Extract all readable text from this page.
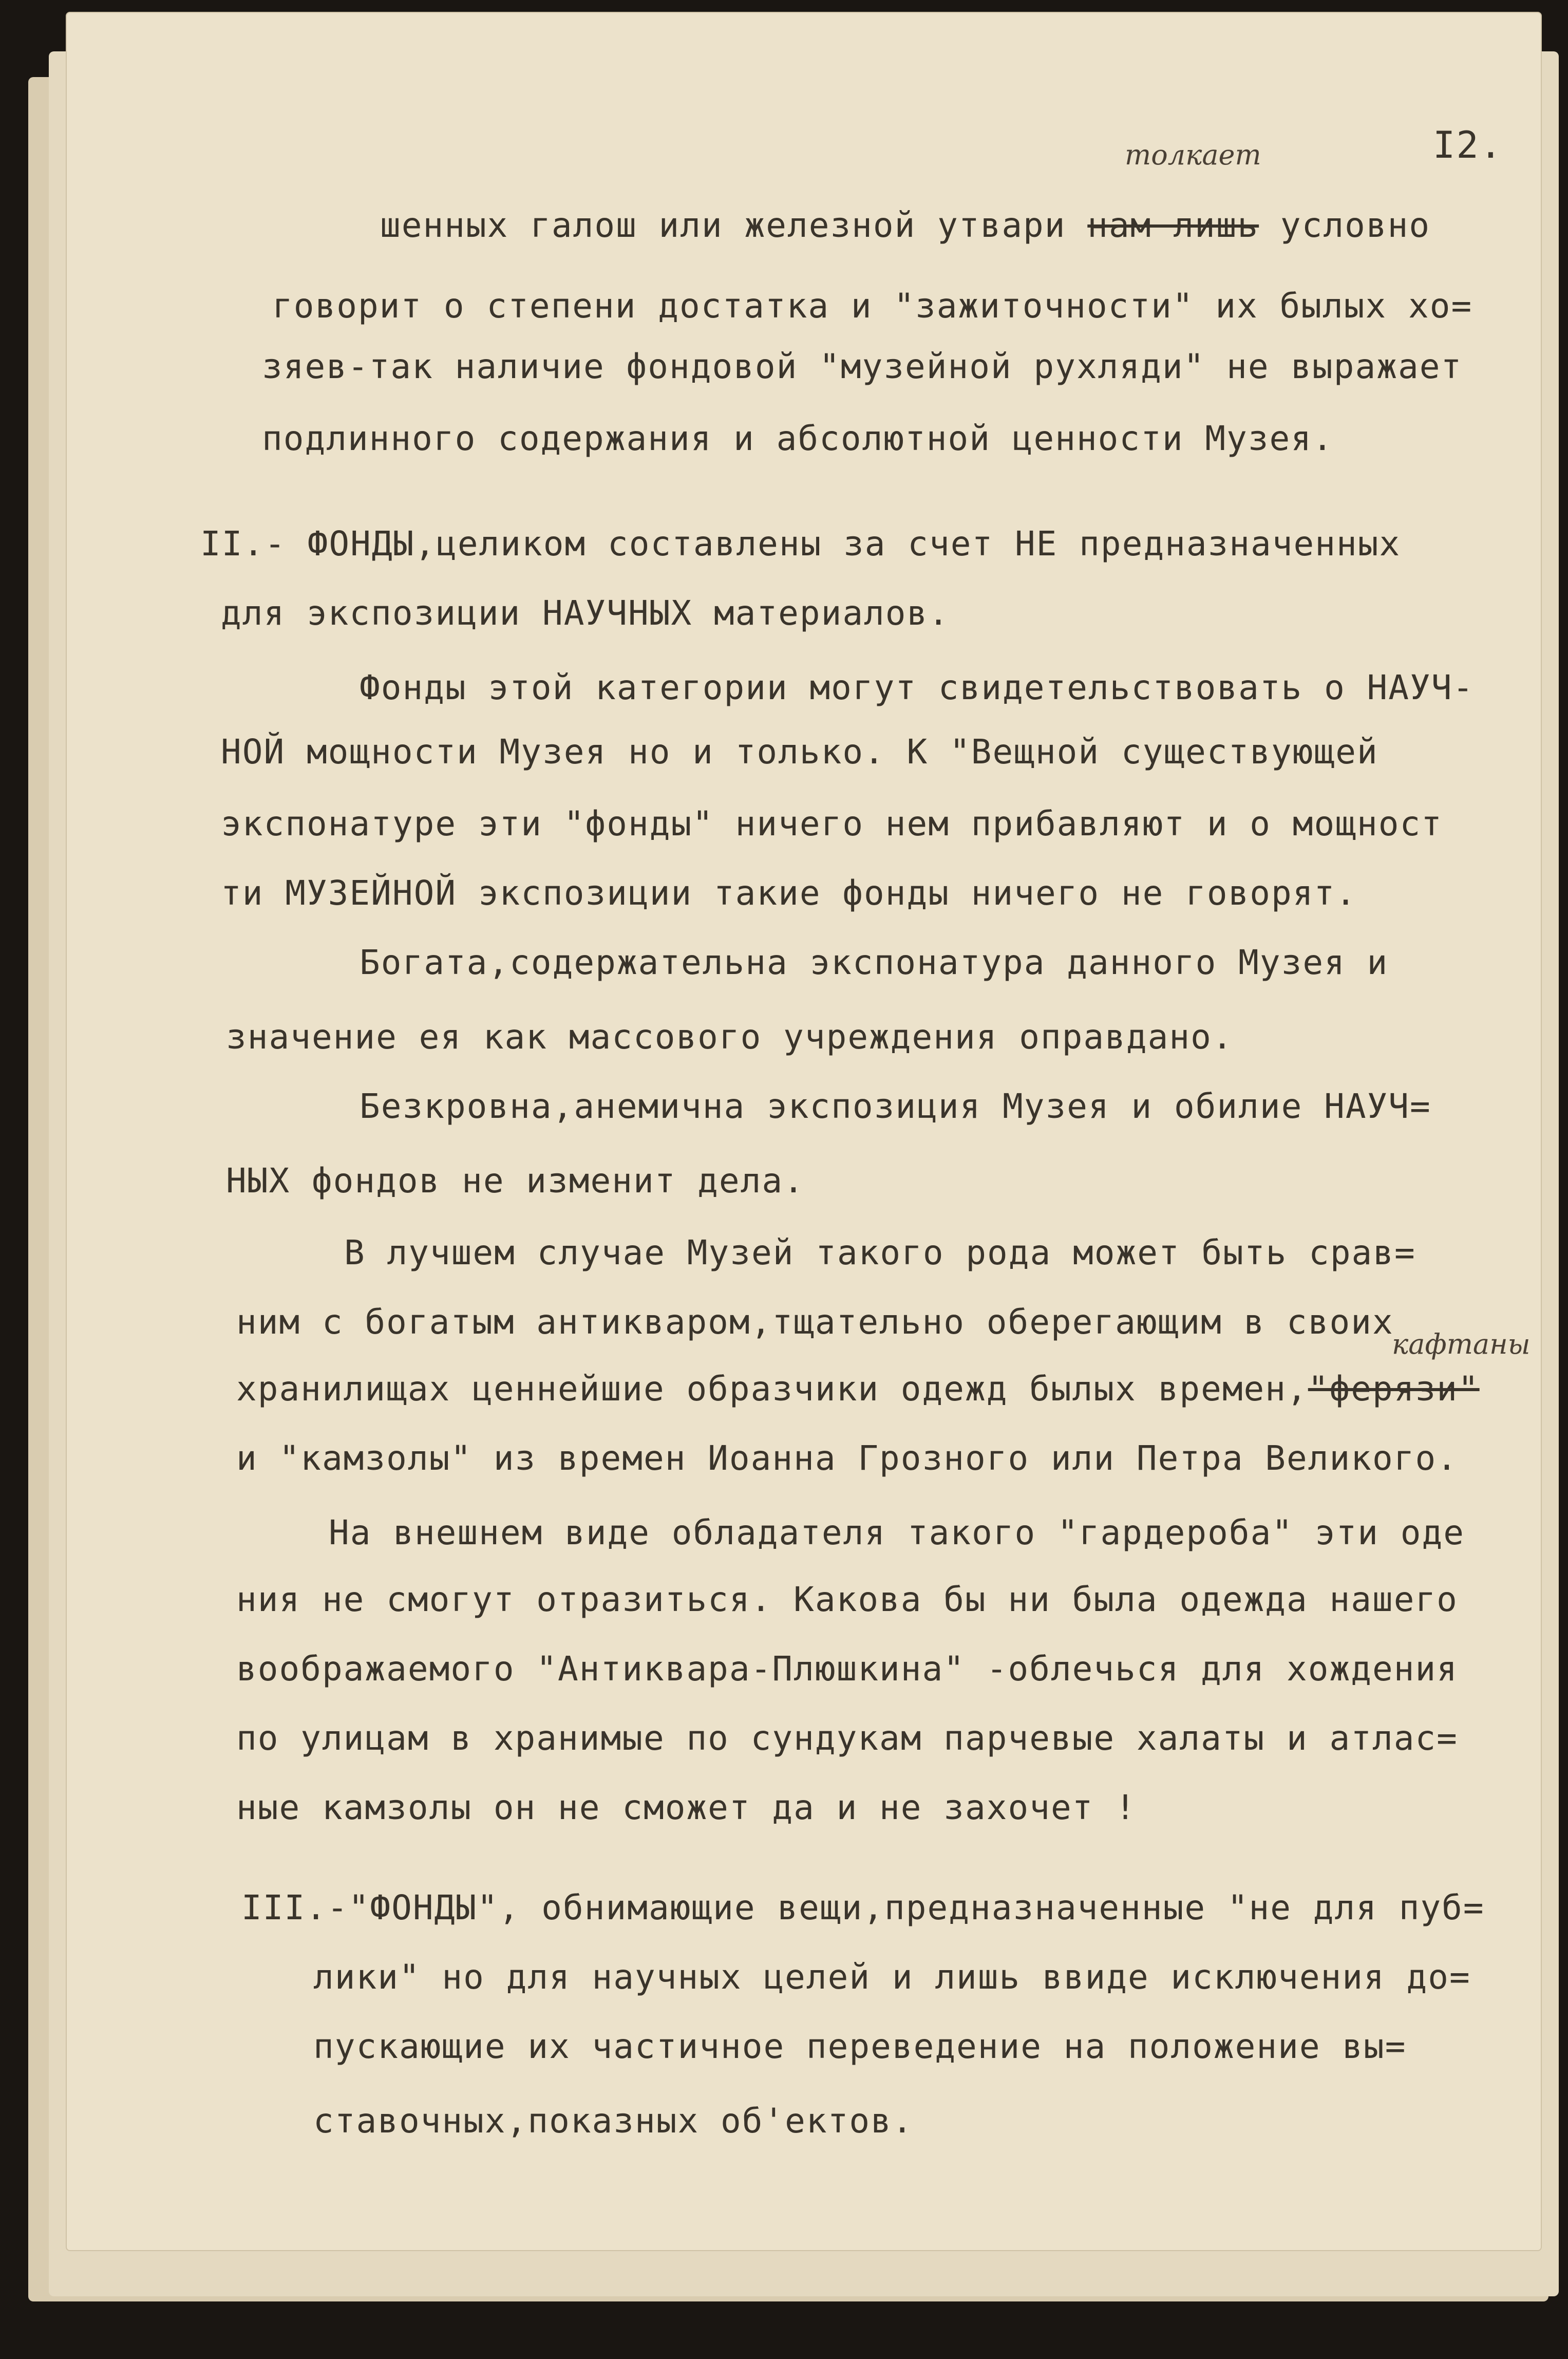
I2.
толкает

шенных галош или железной утвари нам лишь условно

говорит о степени достатка и "зажиточности" их былых хо=

зяев-так наличие фондовой "музейной рухляди" не выражает

подлинного содержания и абсолютной ценности Музея.

II.- ФОНДЫ,целиком составлены за счет НЕ предназначенных

для экспозиции НАУЧНЫХ материалов.

Фонды этой категории могут свидетельствовать о НАУЧ-

НОЙ мощности Музея но и только. К "Вещной существующей

экспонатуре эти "фонды" ничего нем прибавляют и о мощност

ти МУЗЕЙНОЙ экспозиции такие фонды ничего не говорят.

Богата,содержательна экспонатура данного Музея и

значение ея как массового учреждения оправдано.

Безкровна,анемична экспозиция Музея и обилие НАУЧ=

НЫХ фондов не изменит дела.

В лучшем случае Музей такого рода может быть срав=

ним с богатым антикваром,тщательно оберегающим в своих

кафтаны

хранилищах ценнейшие образчики одежд былых времен,"ферязи"

и "камзолы" из времен Иоанна Грозного или Петра Великого.

Нa внешнем виде обладателя такого "гардероба" эти оде

ния не смогут отразиться. Какова бы ни была одежда нашего

воображаемого "Антиквара-Плюшкина" -облечься для хождения

по улицам в хранимые по сундукам парчевые халаты и атлас=

ные камзолы он не сможет да и не захочет !

III.-"ФОНДЫ", обнимающие вещи,предназначенные "не для пуб=

лики" но для научных целей и лишь ввиде исключения до=

пускающие их частичное переведение на положение вы=

ставочных,показных об'ектов.
